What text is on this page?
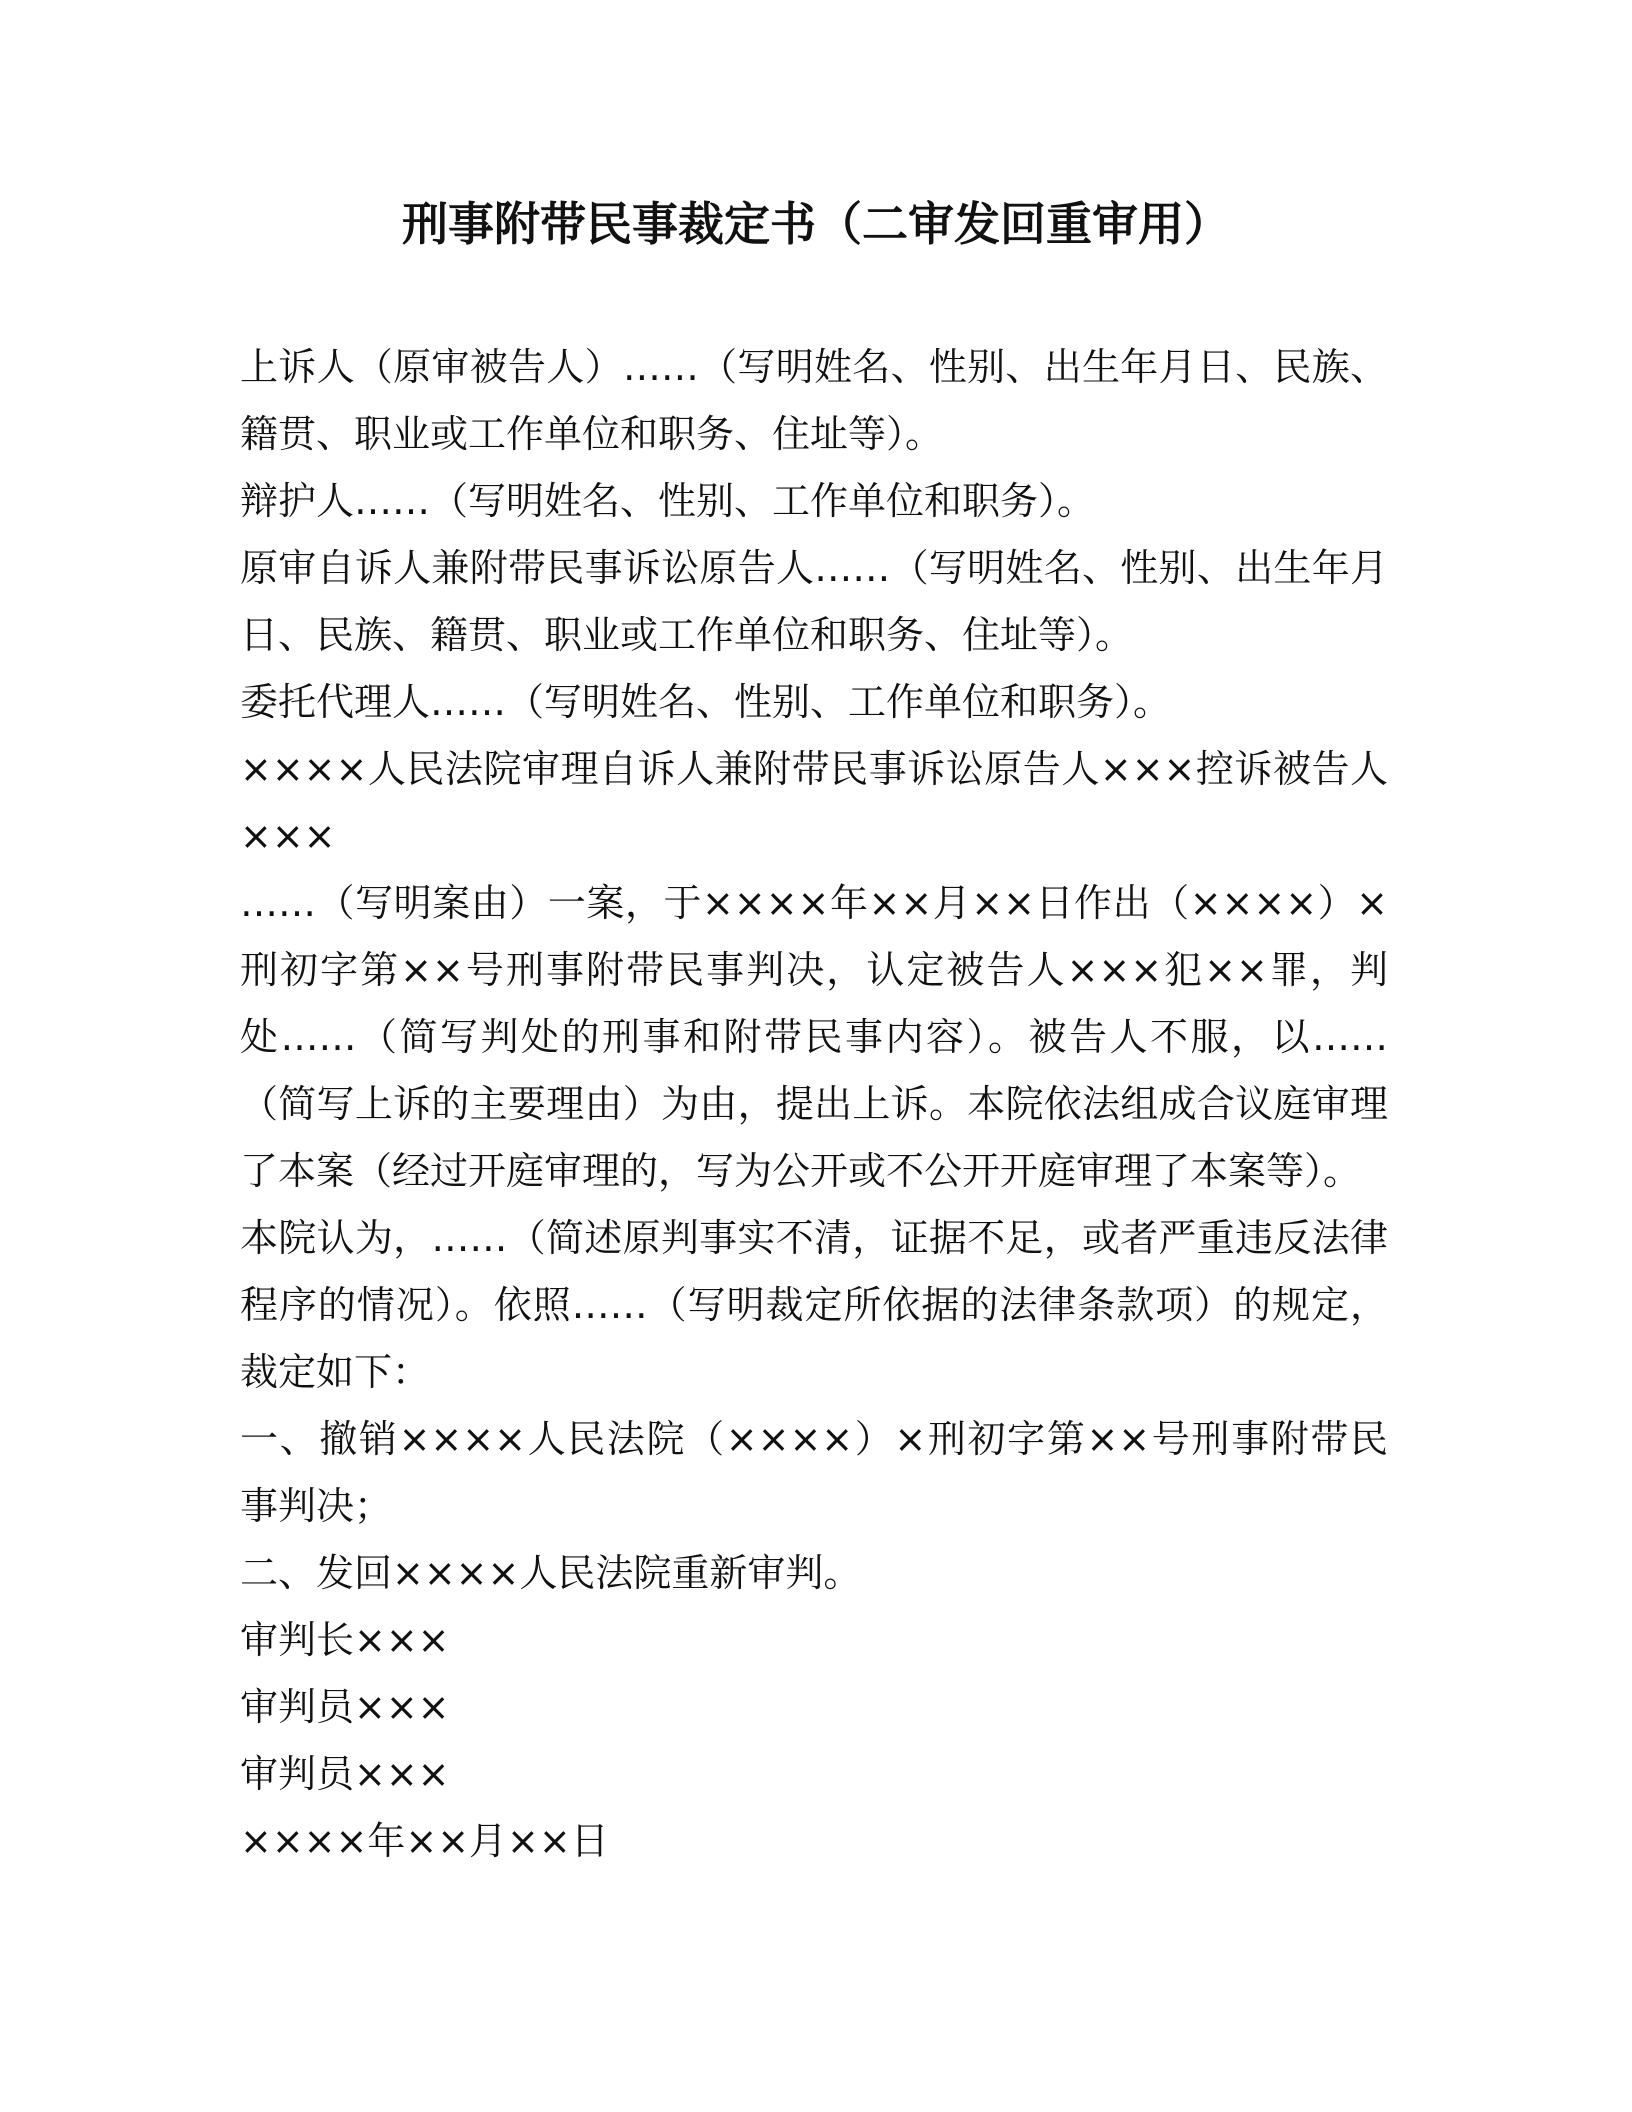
刑事附带民事裁定书（二审发回重审用）

上诉人（原审被告人）……（写明姓名、性别、出生年月日、民族、籍贯、职业或工作单位和职务、住址等）。

辩护人……（写明姓名、性别、工作单位和职务）。

原审自诉人兼附带民事诉讼原告人……（写明姓名、性别、出生年月日、民族、籍贯、职业或工作单位和职务、住址等）。

委托代理人……（写明姓名、性别、工作单位和职务）。

××××人民法院审理自诉人兼附带民事诉讼原告人×××控诉被告人×××

……（写明案由）一案，于××××年××月××日作出（××××）×刑初字第××号刑事附带民事判决，认定被告人×××犯××罪，判处……（简写判处的刑事和附带民事内容）。被告人不服，以……（简写上诉的主要理由）为由，提出上诉。本院依法组成合议庭审理了本案（经过开庭审理的，写为公开或不公开开庭审理了本案等）。

本院认为，……（简述原判事实不清，证据不足，或者严重违反法律程序的情况）。依照……（写明裁定所依据的法律条款项）的规定，裁定如下：

一、撤销××××人民法院（××××）×刑初字第××号刑事附带民事判决；

二、发回××××人民法院重新审判。

审判长×××

审判员×××

审判员×××

××××年××月××日
